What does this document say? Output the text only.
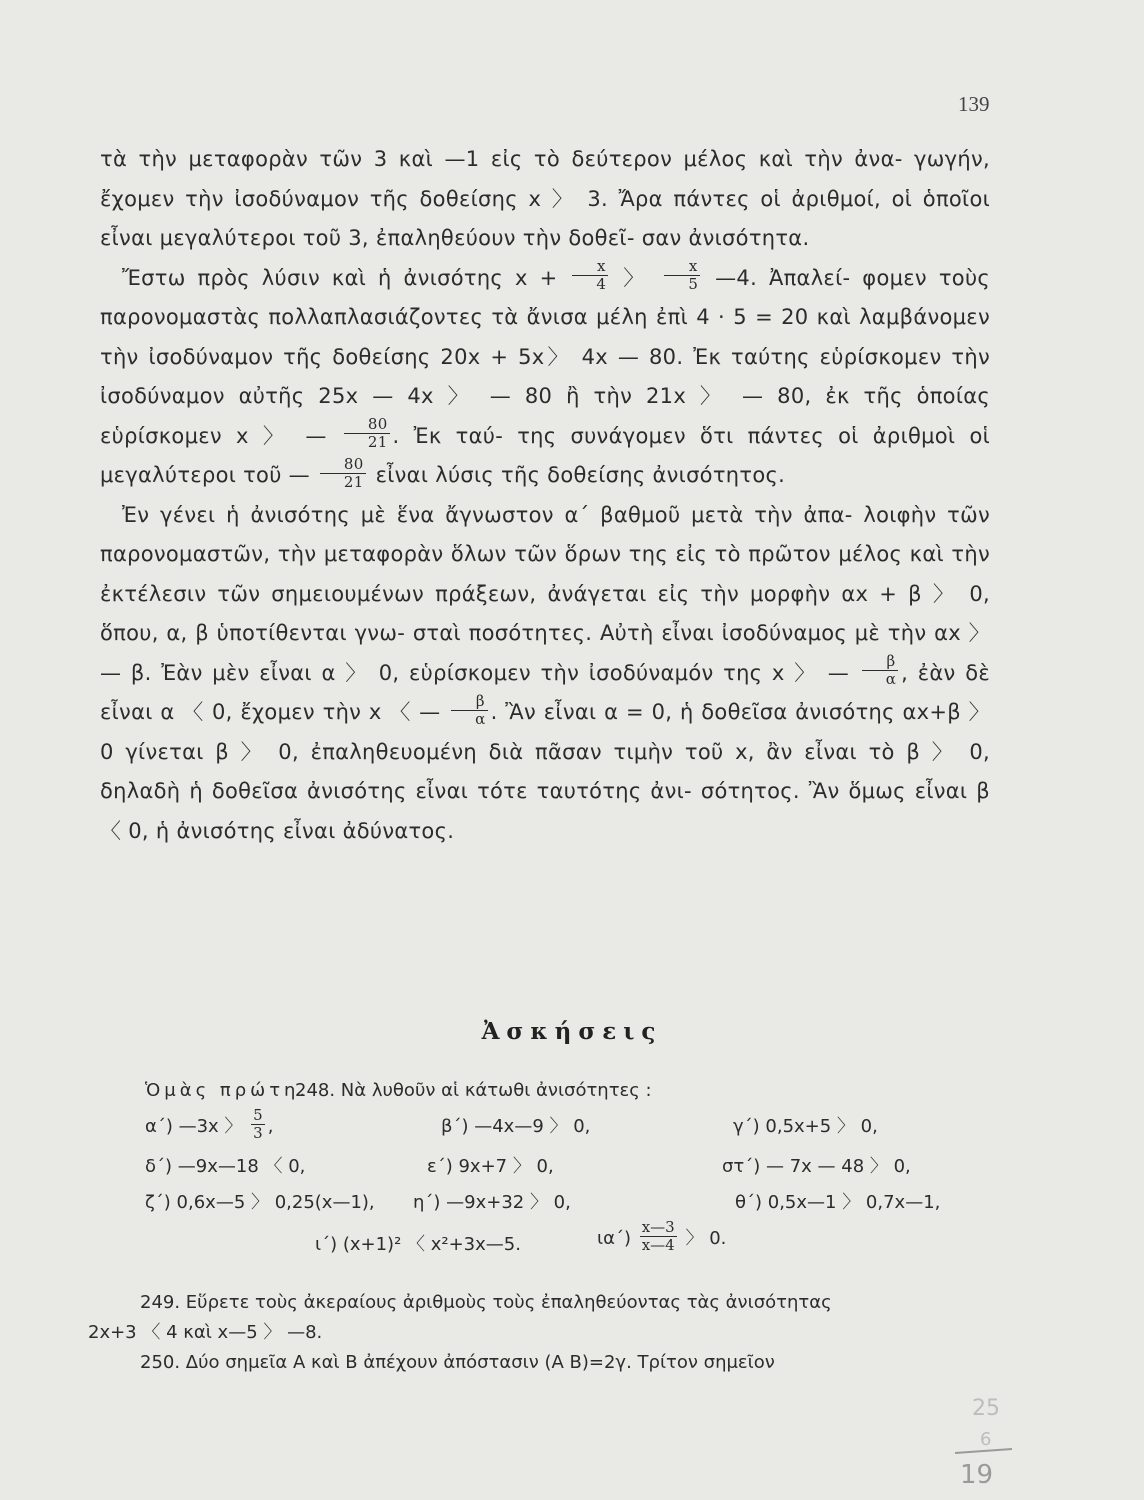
139

τὰ τὴν μεταφορὰν τῶν 3 καὶ —1 εἰς τὸ δεύτερον μέλος καὶ τὴν ἀνα- γωγήν, ἔχομεν τὴν ἰσοδύναμον τῆς δοθείσης x 〉 3. Ἄρα πάντες οἱ ἀριθμοί, οἱ ὁποῖοι εἶναι μεγαλύτεροι τοῦ 3, ἐπαληθεύουν τὴν δοθεῖ- σαν ἀνισότητα.

Ἔστω πρὸς λύσιν καὶ ἡ ἀνισότης $x + \frac{x}{4}$ 〉 $\frac{x}{5}$ —4. Ἀπαλεί- φομεν τοὺς παρονομαστὰς πολλαπλασιάζοντες τὰ ἄνισα μέλη ἐπὶ 4 · 5 = 20 καὶ λαμβάνομεν τὴν ἰσοδύναμον τῆς δοθείσης 20x + 5x〉 4x — 80. Ἐκ ταύτης εὑρίσκομεν τὴν ἰσοδύναμον αὐτῆς 25x — 4x 〉 — 80 ἢ τὴν 21x 〉 — 80, ἐκ τῆς ὁποίας εὑρίσκομεν x 〉 — $\frac{80}{21}$ . Ἐκ ταύ- της συνάγομεν ὅτι πάντες οἱ ἀριθμοὶ οἱ μεγαλύτεροι τοῦ — $\frac{80}{21}$ εἶναι λύσις τῆς δοθείσης ἀνισότητος.

Ἐν γένει ἡ ἀνισότης μὲ ἕνα ἄγνωστον α΄ βαθμοῦ μετὰ τὴν ἀπα- λοιφὴν τῶν παρονομαστῶν, τὴν μεταφορὰν ὅλων τῶν ὅρων της εἰς τὸ πρῶτον μέλος καὶ τὴν ἐκτέλεσιν τῶν σημειουμένων πράξεων, ἀνάγεται εἰς τὴν μορφὴν αx + β 〉 0, ὅπου, α, β ὑποτίθενται γνω- σταὶ ποσότητες. Αὐτὴ εἶναι ἰσοδύναμος μὲ τὴν αx 〉 — β. Ἐὰν μὲν εἶναι α 〉 0, εὑρίσκομεν τὴν ἰσοδύναμόν της x 〉 — $\frac{\beta}{\alpha}$ , ἐὰν δὲ εἶναι α 〈 0, ἔχομεν τὴν x 〈 — $\frac{\beta}{\alpha}$ . Ἂν εἶναι α = 0, ἡ δοθεῖσα ἀνισότης αx+β 〉 0 γίνεται β 〉 0, ἐπαληθευομένη διὰ πᾶσαν τιμὴν τοῦ x, ἂν εἶναι τὸ β 〉 0, δηλαδὴ ἡ δοθεῖσα ἀνισότης εἶναι τότε ταυτότης ἀνι- σότητος. Ἂν ὅμως εἶναι β 〈 0, ἡ ἀνισότης εἶναι ἀδύνατος.

Ἀσκήσεις
Ὁμὰς πρώτη.
248. Νὰ λυθοῦν αἱ κάτωθι ἀνισότητες :
α΄) —3x 〉 $\frac{5}{3}$ ,	β΄) —4x—9 〉 0,	γ΄) 0,5x+5 〉 0,
δ΄) —9x—18 〈 0,	ε΄) 9x+7 〉 0,	στ΄) — 7x — 48 〉 0,
ζ΄) 0,6x—5 〉 0,25(x—1), η΄) —9x+32 〉 0,	θ΄) 0,5x—1 〉 0,7x—1,
ι΄) (x+1)² 〈 x²+3x—5.	$\iota\alpha΄) \frac{x—3}{x—4}$ 〉 0.

249. Εὕρετε τοὺς ἀκεραίους ἀριθμοὺς τοὺς ἐπαληθεύοντας τὰς ἀνισότητας

2x+3 〈 4 καὶ x—5 〉 —8.

250. Δύο σημεῖα Α καὶ Β ἀπέχουν ἀπόστασιν (Α Β)=2γ. Τρίτον σημεῖον

25
6
19
